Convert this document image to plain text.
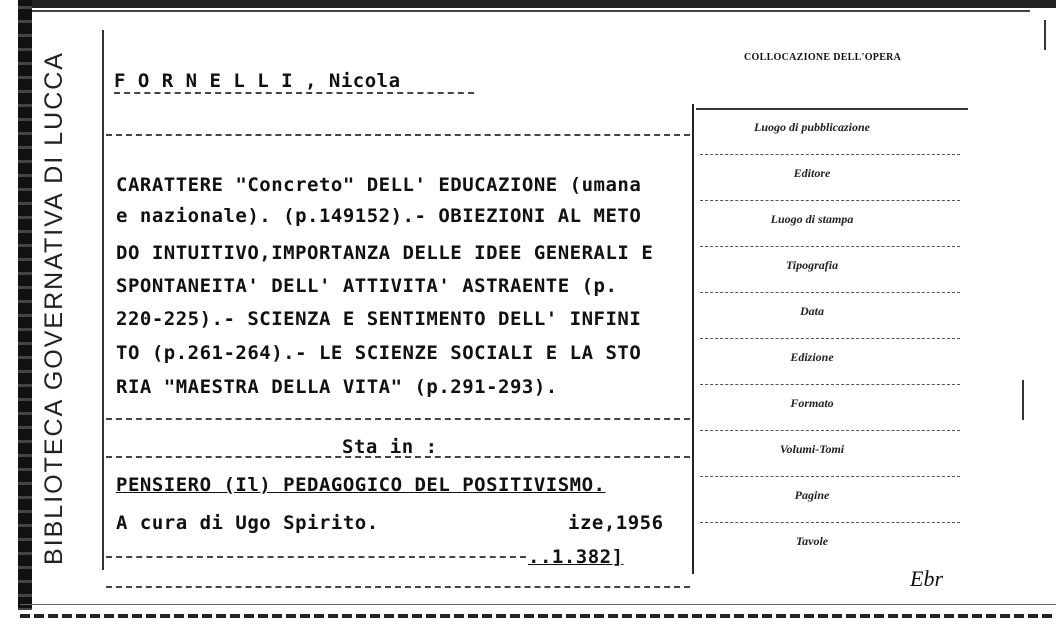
BIBLIOTECA GOVERNATIVA DI LUCCA	F O R N E L L I , Nicola
CARATTERE "Concreto" DELL' EDUCAZIONE (umana
e nazionale). (p.149152).- OBIEZIONI AL METO
DO INTUITIVO,IMPORTANZA DELLE IDEE GENERALI E
SPONTANEITA' DELL' ATTIVITA' ASTRAENTE (p.
220-225).- SCIENZA E SENTIMENTO DELL' INFINI
TO (p.261-264).- LE SCIENZE SOCIALI E LA STO
RIA "MAESTRA DELLA VITA" (p.291-293).
Sta in :
PENSIERO (Il) PEDAGOGICO DEL POSITIVISMO.
A cura di Ugo Spirito.	ize,1956
..1.382]
COLLOCAZIONE DELL'OPERA
Luogo di pubblicazione
Editore
Luogo di stampa
Tipografia
Data
Edizione
Formato
Volumi-Tomi
Pagine
Tavole
Ebr
